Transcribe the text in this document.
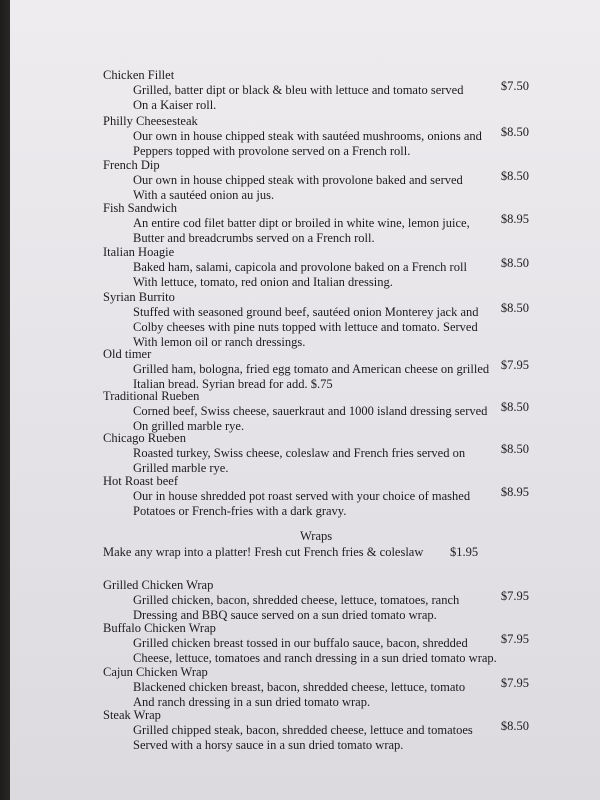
Chicken Fillet
$7.50
Grilled, batter dipt or black & bleu with lettuce and tomato served
On a Kaiser roll.
Philly Cheesesteak
$8.50
Our own in house chipped steak with sautéed mushrooms, onions and
Peppers topped with provolone served on a French roll.
French Dip
$8.50
Our own in house chipped steak with provolone baked and served
With a sautéed onion au jus.
Fish Sandwich
$8.95
An entire cod filet batter dipt or broiled in white wine, lemon juice,
Butter and breadcrumbs served on a French roll.
Italian Hoagie
$8.50
Baked ham, salami, capicola and provolone baked on a French roll
With lettuce, tomato, red onion and Italian dressing.
Syrian Burrito
$8.50
Stuffed with seasoned ground beef, sautéed onion Monterey jack and
Colby cheeses with pine nuts topped with lettuce and tomato. Served
With lemon oil or ranch dressings.
Old timer
$7.95
Grilled ham, bologna, fried egg tomato and American cheese on grilled
Italian bread. Syrian bread for add. $.75
Traditional Rueben
$8.50
Corned beef, Swiss cheese, sauerkraut and 1000 island dressing served
On grilled marble rye.
Chicago Rueben
$8.50
Roasted turkey, Swiss cheese, coleslaw and French fries served on
Grilled marble rye.
Hot Roast beef
$8.95
Our in house shredded pot roast served with your choice of mashed
Potatoes or French-fries with a dark gravy.
Wraps
Make any wrap into a platter! Fresh cut French fries & coleslaw $1.95
Grilled Chicken Wrap
$7.95
Grilled chicken, bacon, shredded cheese, lettuce, tomatoes, ranch
Dressing and BBQ sauce served on a sun dried tomato wrap.
Buffalo Chicken Wrap
$7.95
Grilled chicken breast tossed in our buffalo sauce, bacon, shredded
Cheese, lettuce, tomatoes and ranch dressing in a sun dried tomato wrap.
Cajun Chicken Wrap
$7.95
Blackened chicken breast, bacon, shredded cheese, lettuce, tomato
And ranch dressing in a sun dried tomato wrap.
Steak Wrap
$8.50
Grilled chipped steak, bacon, shredded cheese, lettuce and tomatoes
Served with a horsy sauce in a sun dried tomato wrap.
